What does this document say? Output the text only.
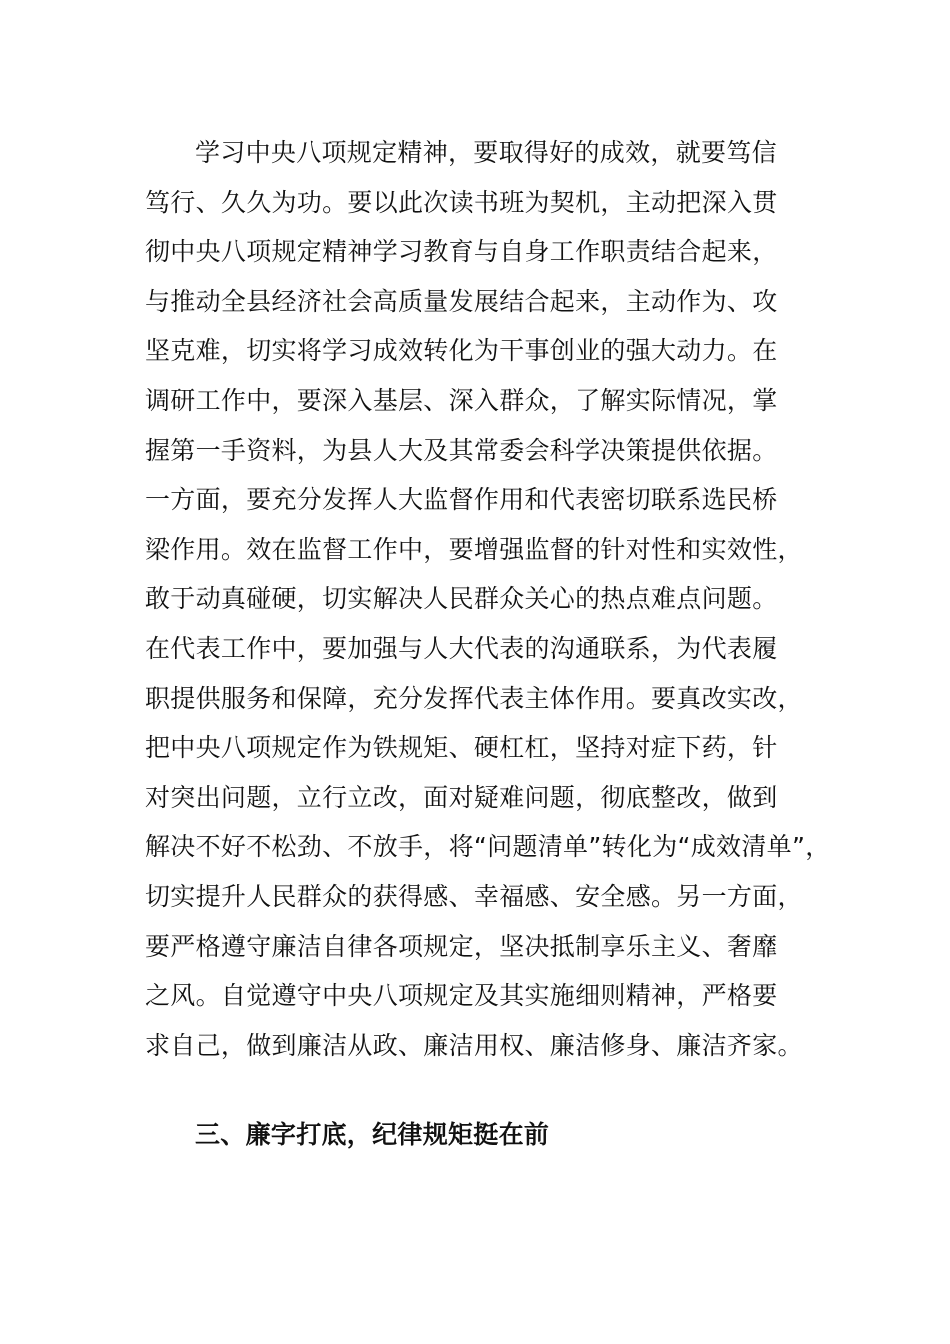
学习中央八项规定精神，要取得好的成效，就要笃信
笃行、久久为功。要以此次读书班为契机，主动把深入贯
彻中央八项规定精神学习教育与自身工作职责结合起来，
与推动全县经济社会高质量发展结合起来，主动作为、攻
坚克难，切实将学习成效转化为干事创业的强大动力。在
调研工作中，要深入基层、深入群众，了解实际情况，掌
握第一手资料，为县人大及其常委会科学决策提供依据。
一方面，要充分发挥人大监督作用和代表密切联系选民桥
梁作用。效在监督工作中，要增强监督的针对性和实效性，
敢于动真碰硬，切实解决人民群众关心的热点难点问题。
在代表工作中，要加强与人大代表的沟通联系，为代表履
职提供服务和保障，充分发挥代表主体作用。要真改实改，
把中央八项规定作为铁规矩、硬杠杠，坚持对症下药，针
对突出问题，立行立改，面对疑难问题，彻底整改，做到
解决不好不松劲、不放手，将“问题清单”转化为“成效清单”，
切实提升人民群众的获得感、幸福感、安全感。另一方面，
要严格遵守廉洁自律各项规定，坚决抵制享乐主义、奢靡
之风。自觉遵守中央八项规定及其实施细则精神，严格要
求自己，做到廉洁从政、廉洁用权、廉洁修身、廉洁齐家。
三、廉字打底，纪律规矩挺在前
